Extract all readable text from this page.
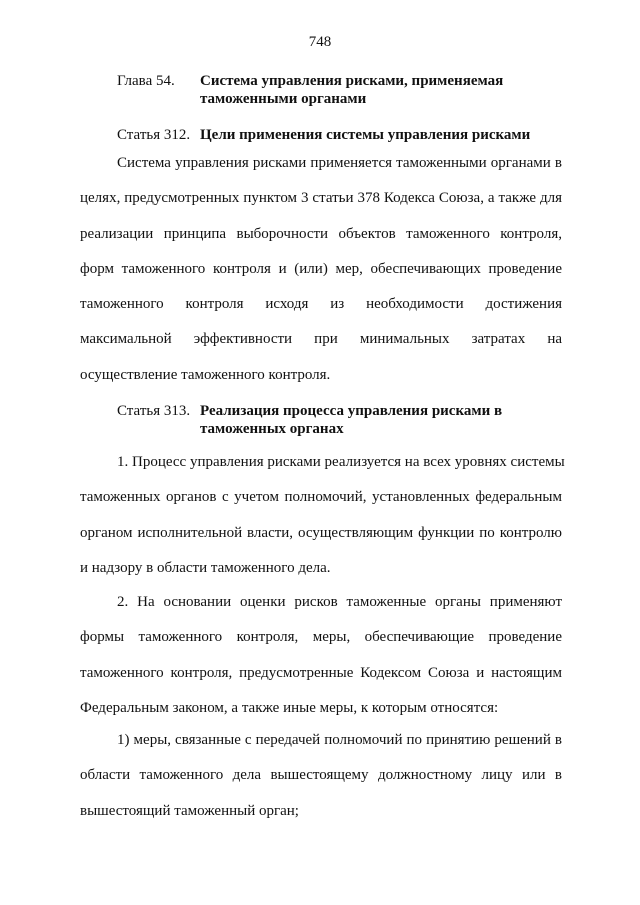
748
Глава 54. Система управления рисками, применяемая таможенными органами
Статья 312. Цели применения системы управления рисками
Система управления рисками применяется таможенными органами в
целях, предусмотренных пунктом 3 статьи 378 Кодекса Союза, а также для
реализации принципа выборочности объектов таможенного контроля,
форм таможенного контроля и (или) мер, обеспечивающих проведение
таможенного контроля исходя из необходимости достижения
максимальной эффективности при минимальных затратах на
осуществление таможенного контроля.
Статья 313. Реализация процесса управления рисками в таможенных органах
1. Процесс управления рисками реализуется на всех уровнях системы
таможенных органов с учетом полномочий, установленных федеральным
органом исполнительной власти, осуществляющим функции по контролю
и надзору в области таможенного дела.
2. На основании оценки рисков таможенные органы применяют
формы таможенного контроля, меры, обеспечивающие проведение
таможенного контроля, предусмотренные Кодексом Союза и настоящим
Федеральным законом, а также иные меры, к которым относятся:
1) меры, связанные с передачей полномочий по принятию решений в
области таможенного дела вышестоящему должностному лицу или в
вышестоящий таможенный орган;
